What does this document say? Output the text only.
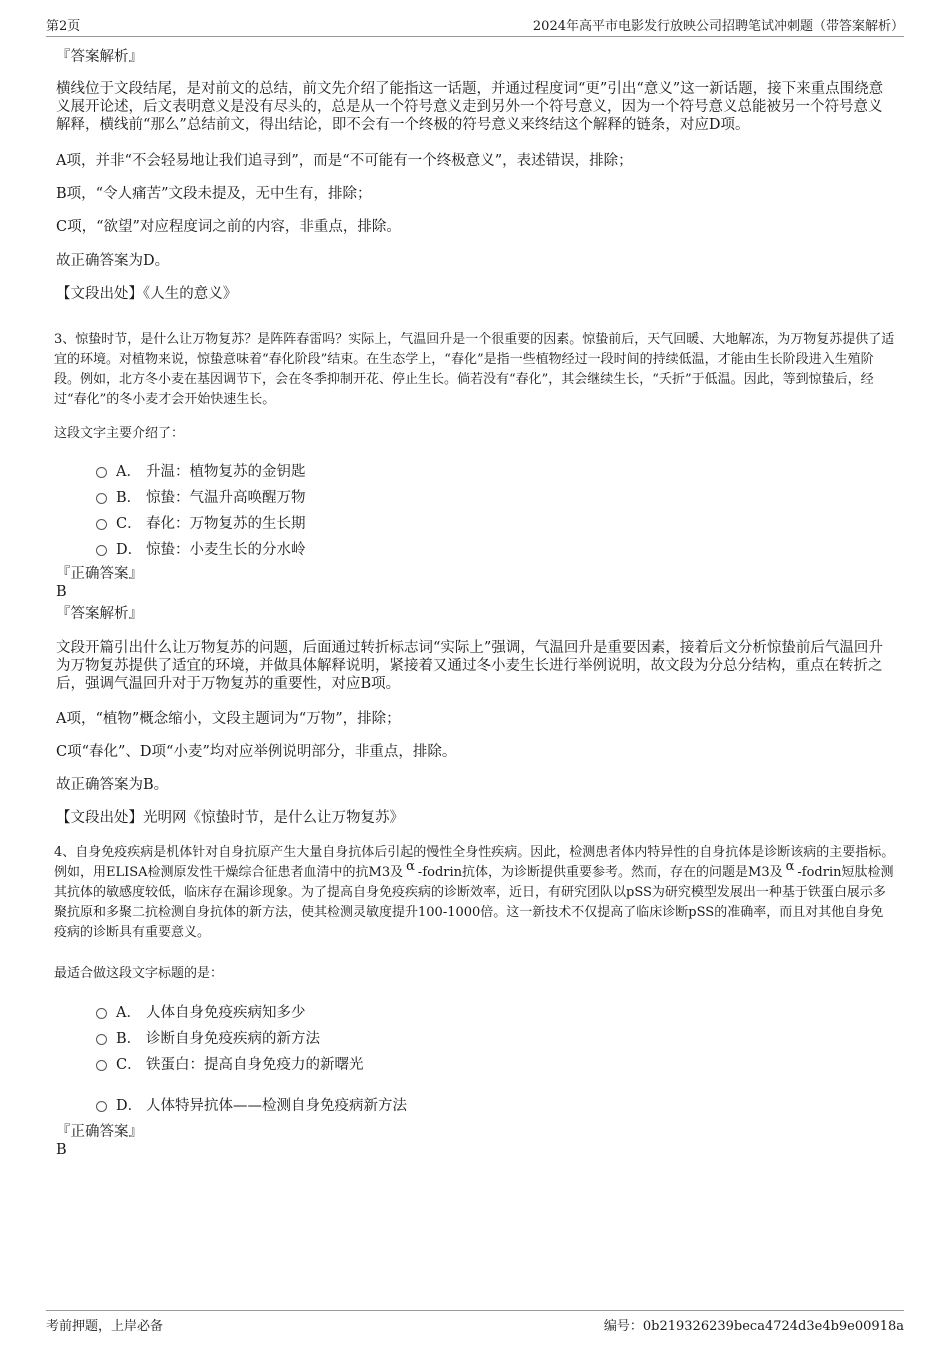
第2页	2024年高平市电影发行放映公司招聘笔试冲刺题（带答案解析）
『答案解析』
横线位于文段结尾，是对前文的总结，前文先介绍了能指这一话题，并通过程度词“更”引出“意义”这一新话题，接下来重点围绕意义展开论述，后文表明意义是没有尽头的，总是从一个符号意义走到另外一个符号意义，因为一个符号意义总能被另一个符号意义解释，横线前“那么”总结前文，得出结论，即不会有一个终极的符号意义来终结这个解释的链条，对应D项。
A项，并非“不会轻易地让我们追寻到”，而是“不可能有一个终极意义”，表述错误，排除；
B项，“令人痛苦”文段未提及，无中生有，排除；
C项，“欲望”对应程度词之前的内容，非重点，排除。
故正确答案为D。
【文段出处】《人生的意义》
3、惊蛰时节，是什么让万物复苏？是阵阵春雷吗？实际上，气温回升是一个很重要的因素。惊蛰前后，天气回暖、大地解冻，为万物复苏提供了适宜的环境。对植物来说，惊蛰意味着“春化阶段”结束。在生态学上，“春化”是指一些植物经过一段时间的持续低温，才能由生长阶段进入生殖阶段。例如，北方冬小麦在基因调节下，会在冬季抑制开花、停止生长。倘若没有“春化”，其会继续生长，“夭折”于低温。因此，等到惊蛰后，经过“春化”的冬小麦才会开始快速生长。
这段文字主要介绍了：
A． 升温：植物复苏的金钥匙
B． 惊蛰：气温升高唤醒万物
C． 春化：万物复苏的生长期
D． 惊蛰：小麦生长的分水岭
『正确答案』
B
『答案解析』
文段开篇引出什么让万物复苏的问题，后面通过转折标志词“实际上”强调，气温回升是重要因素，接着后文分析惊蛰前后气温回升为万物复苏提供了适宜的环境，并做具体解释说明，紧接着又通过冬小麦生长进行举例说明，故文段为分总分结构，重点在转折之后，强调气温回升对于万物复苏的重要性，对应B项。
A项，“植物”概念缩小，文段主题词为“万物”，排除；
C项“春化”、D项“小麦”均对应举例说明部分，非重点，排除。
故正确答案为B。
【文段出处】光明网《惊蛰时节，是什么让万物复苏》
4、自身免疫疾病是机体针对自身抗原产生大量自身抗体后引起的慢性全身性疾病。因此，检测患者体内特异性的自身抗体是诊断该病的主要指标。例如，用ELISA检测原发性干燥综合征患者血清中的抗M3及 α -fodrin抗体，为诊断提供重要参考。然而，存在的问题是M3及 α -fodrin短肽检测其抗体的敏感度较低，临床存在漏诊现象。为了提高自身免疫疾病的诊断效率，近日，有研究团队以pSS为研究模型发展出一种基于铁蛋白展示多聚抗原和多聚二抗检测自身抗体的新方法，使其检测灵敏度提升100-1000倍。这一新技术不仅提高了临床诊断pSS的准确率，而且对其他自身免疫病的诊断具有重要意义。
最适合做这段文字标题的是：
A． 人体自身免疫疾病知多少
B． 诊断自身免疫疾病的新方法
C． 铁蛋白：提高自身免疫力的新曙光
D． 人体特异抗体——检测自身免疫病新方法
『正确答案』
B
考前押题，上岸必备	编号：0b219326239beca4724d3e4b9e00918a
